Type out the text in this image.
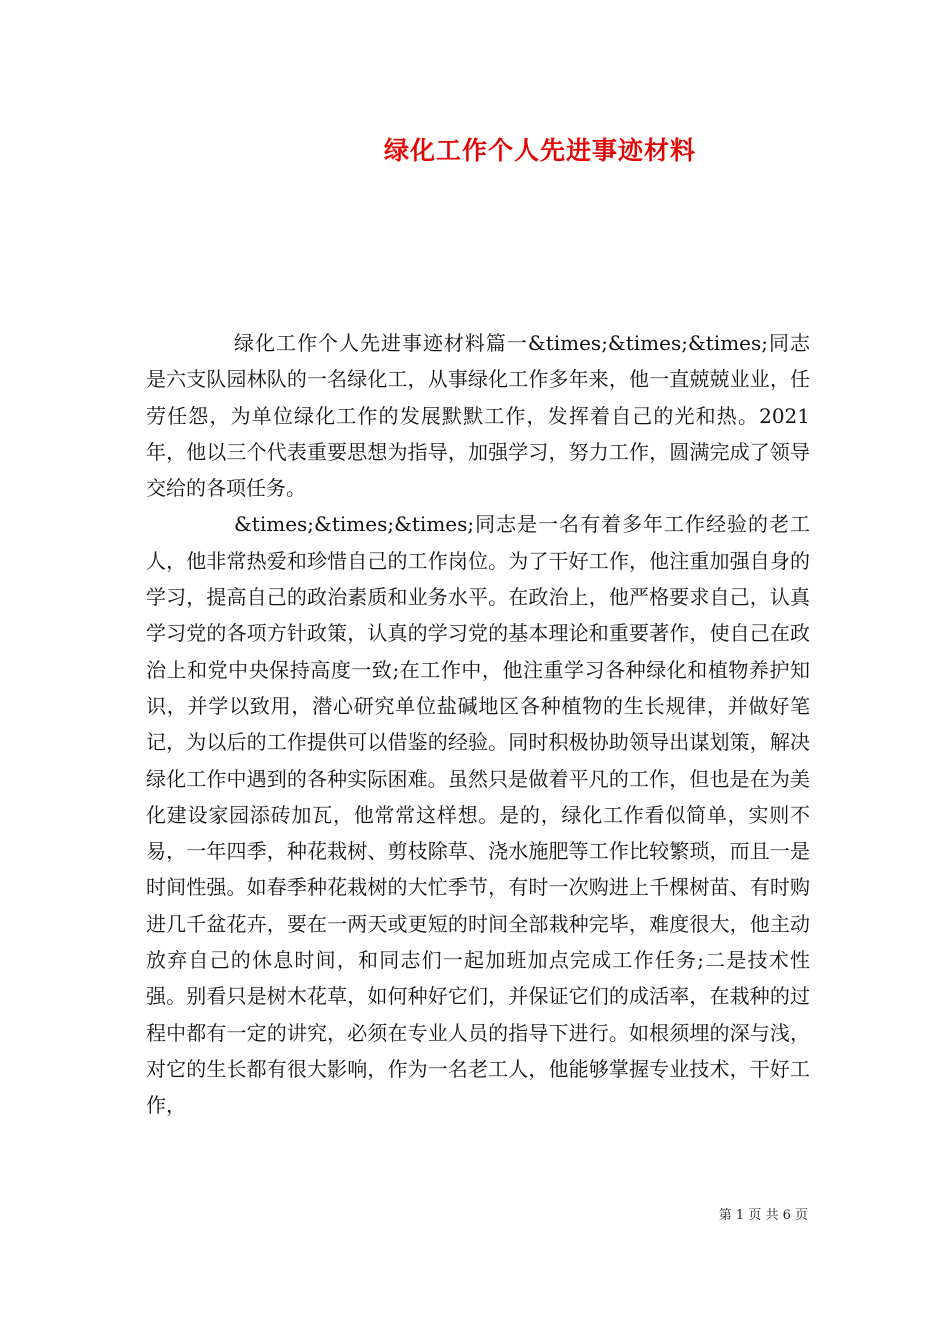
绿化工作个人先进事迹材料

绿化工作个人先进事迹材料篇一&times;&times;&times;同志是六支队园林队的一名绿化工，从事绿化工作多年来，他一直兢兢业业，任劳任怨，为单位绿化工作的发展默默工作，发挥着自己的光和热。2021年，他以三个代表重要思想为指导，加强学习，努力工作，圆满完成了领导交给的各项任务。

&times;&times;&times;同志是一名有着多年工作经验的老工人，他非常热爱和珍惜自己的工作岗位。为了干好工作，他注重加强自身的学习，提高自己的政治素质和业务水平。在政治上，他严格要求自己，认真学习党的各项方针政策，认真的学习党的基本理论和重要著作，使自己在政治上和党中央保持高度一致;在工作中，他注重学习各种绿化和植物养护知识，并学以致用，潜心研究单位盐碱地区各种植物的生长规律，并做好笔记，为以后的工作提供可以借鉴的经验。同时积极协助领导出谋划策，解决绿化工作中遇到的各种实际困难。虽然只是做着平凡的工作，但也是在为美化建设家园添砖加瓦，他常常这样想。是的，绿化工作看似简单，实则不易，一年四季，种花栽树、剪枝除草、浇水施肥等工作比较繁琐，而且一是时间性强。如春季种花栽树的大忙季节，有时一次购进上千棵树苗、有时购进几千盆花卉，要在一两天或更短的时间全部栽种完毕，难度很大，他主动放弃自己的休息时间，和同志们一起加班加点完成工作任务;二是技术性强。别看只是树木花草，如何种好它们，并保证它们的成活率，在栽种的过程中都有一定的讲究，必须在专业人员的指导下进行。如根须埋的深与浅，对它的生长都有很大影响，作为一名老工人，他能够掌握专业技术，干好工作，

第 1 页 共 6 页
